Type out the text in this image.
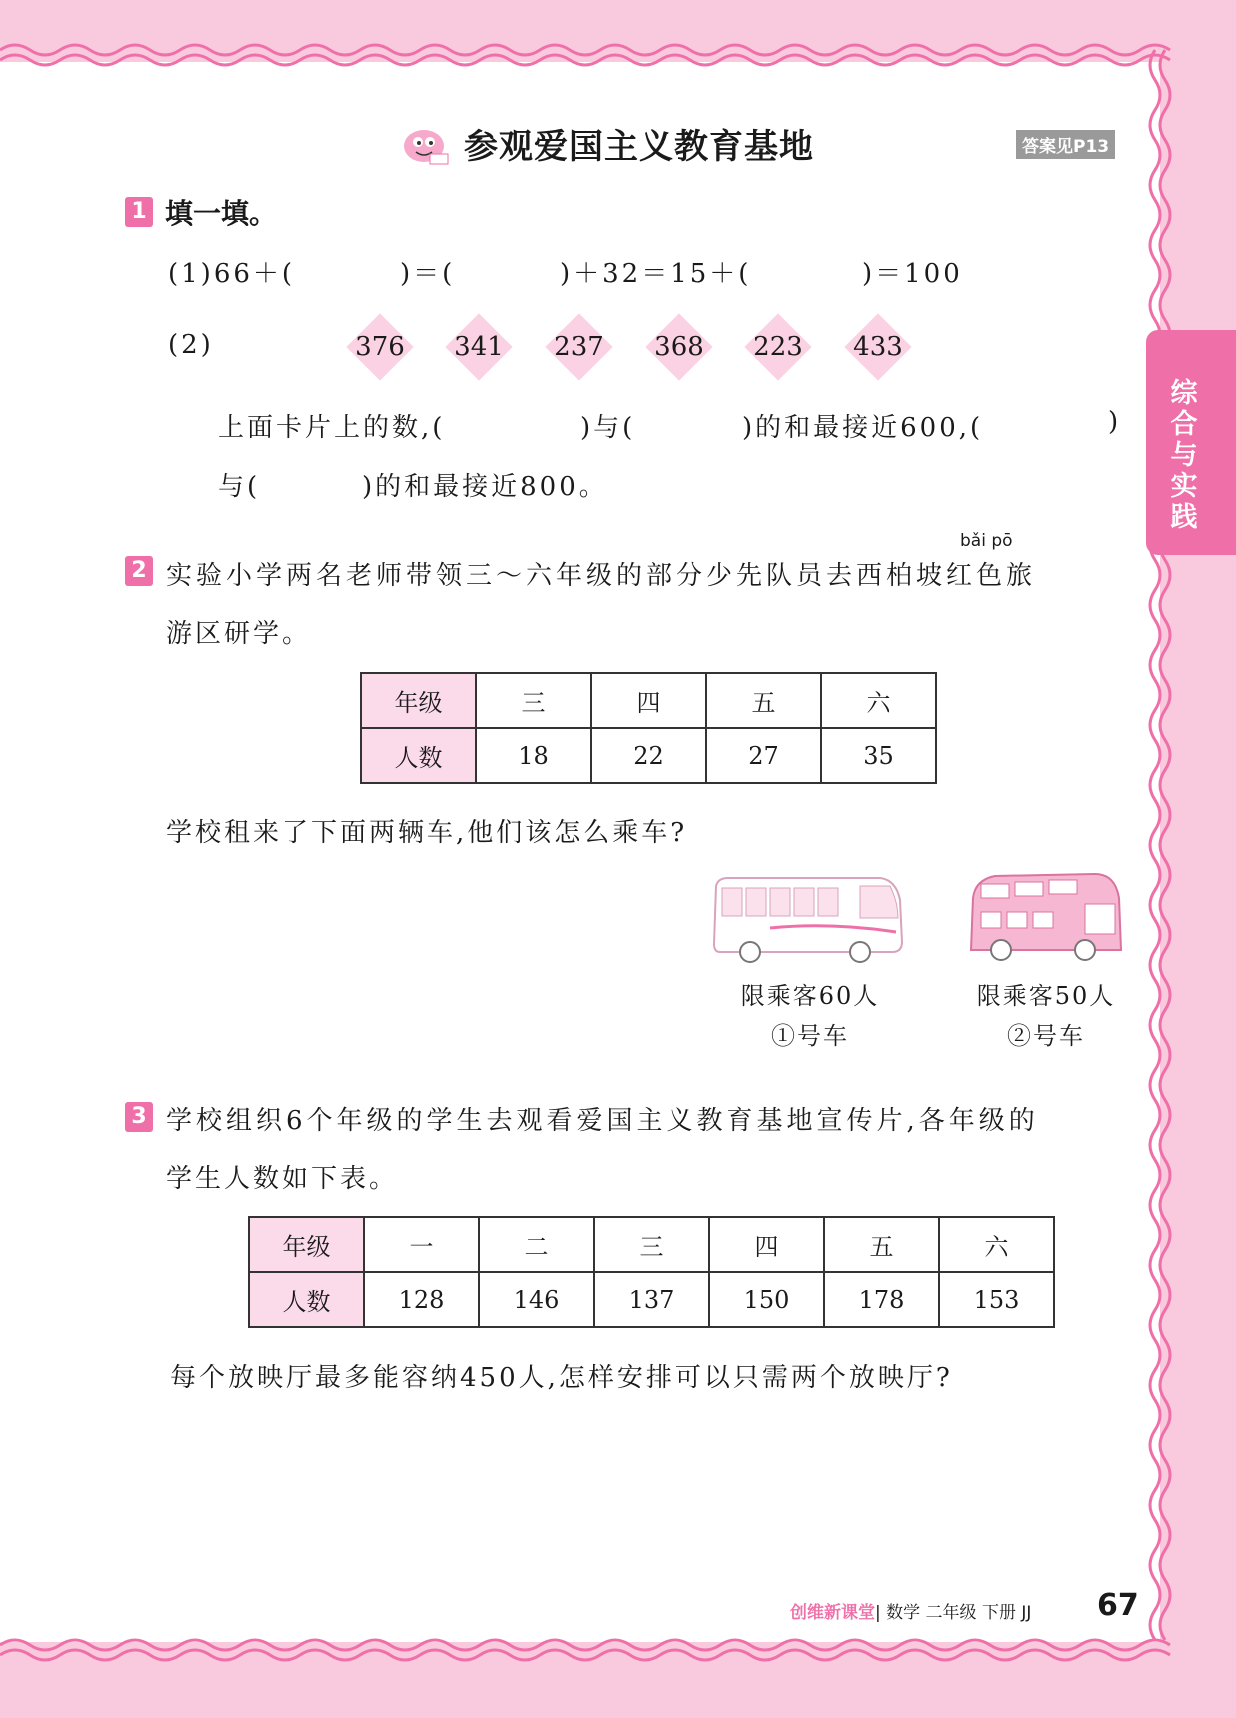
参观爱国主义教育基地	答案见P13
综合与实践
1 填一填。
(1)66＋(	)＝(	)＋32＝15＋(	)＝100
(2)	376	341	237	368	223	433
上面卡片上的数,(	)与(	)的和最接近600,(	)
与(	)的和最接近800。
bǎi pō
2 实验小学两名老师带领三～六年级的部分少先队员去西柏坡红色旅
游区研学。
年级	三	四	五	六
人数	18	22	27	35
学校租来了下面两辆车,他们该怎么乘车?
限乘客60人
①号车
限乘客50人
②号车
3 学校组织6个年级的学生去观看爱国主义教育基地宣传片,各年级的
学生人数如下表。
年级	一	二	三	四	五	六
人数	128	146	137	150	178	153
每个放映厅最多能容纳450人,怎样安排可以只需两个放映厅?
创维新课堂| 数学 二年级 下册 JJ 67
